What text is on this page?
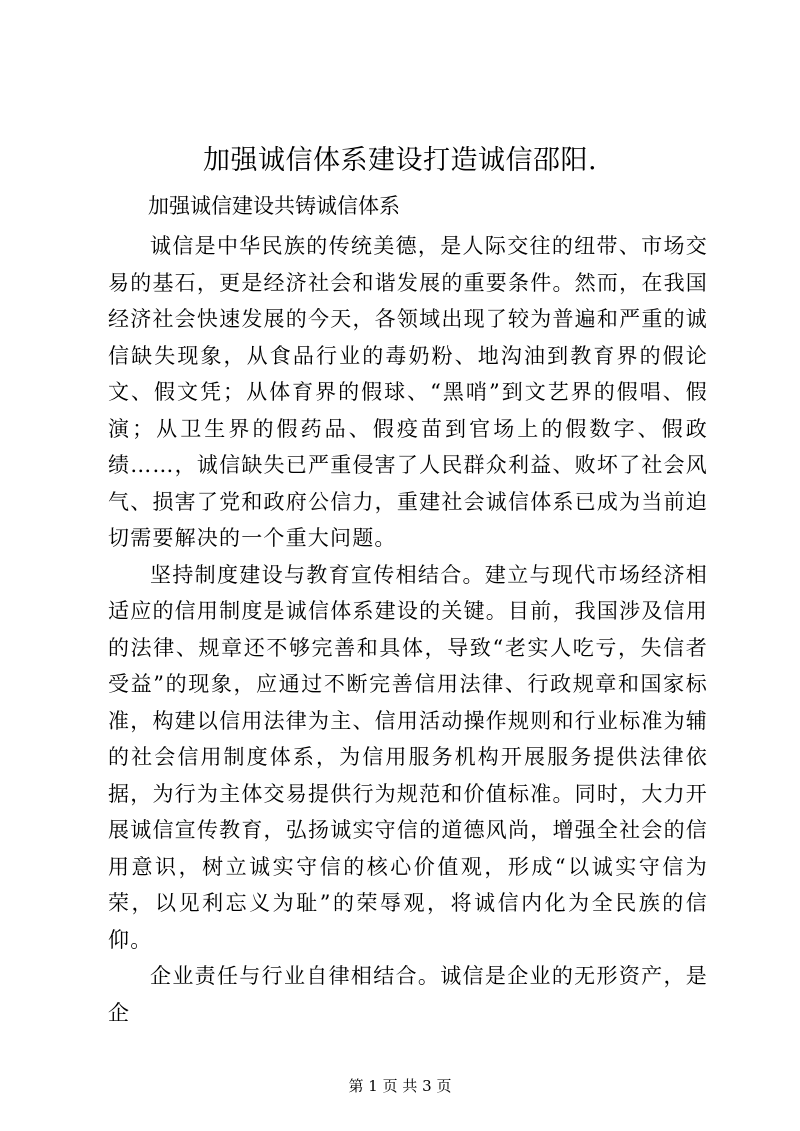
加强诚信体系建设打造诚信邵阳.
加强诚信建设共铸诚信体系

诚信是中华民族的传统美德，是人际交往的纽带、市场交易的基石，更是经济社会和谐发展的重要条件。然而，在我国经济社会快速发展的今天，各领域出现了较为普遍和严重的诚信缺失现象，从食品行业的毒奶粉、地沟油到教育界的假论文、假文凭；从体育界的假球、“黑哨”到文艺界的假唱、假演；从卫生界的假药品、假疫苗到官场上的假数字、假政绩……，诚信缺失已严重侵害了人民群众利益、败坏了社会风气、损害了党和政府公信力，重建社会诚信体系已成为当前迫切需要解决的一个重大问题。

坚持制度建设与教育宣传相结合。建立与现代市场经济相适应的信用制度是诚信体系建设的关键。目前，我国涉及信用的法律、规章还不够完善和具体，导致“老实人吃亏，失信者受益”的现象，应通过不断完善信用法律、行政规章和国家标准，构建以信用法律为主、信用活动操作规则和行业标准为辅的社会信用制度体系，为信用服务机构开展服务提供法律依据，为行为主体交易提供行为规范和价值标准。同时，大力开展诚信宣传教育，弘扬诚实守信的道德风尚，增强全社会的信用意识，树立诚实守信的核心价值观，形成“以诚实守信为荣，以见利忘义为耻”的荣辱观，将诚信内化为全民族的信仰。

企业责任与行业自律相结合。诚信是企业的无形资产，是企

第 1 页 共 3 页
